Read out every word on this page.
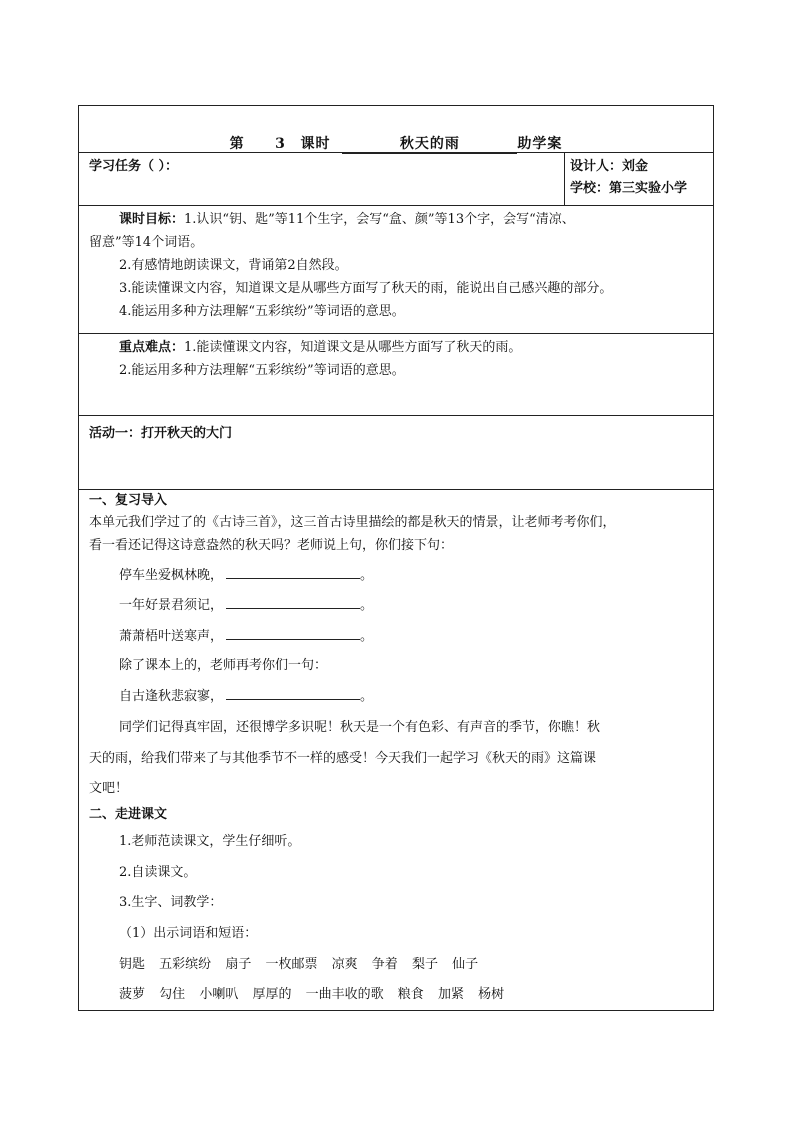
第 3 课时	秋天的雨	助学案
学习任务（ ）：	设计人：刘金
学校：第三实验小学
课时目标：1.认识“钥、匙”等11个生字，会写“盒、颜”等13个字，会写“清凉、
留意”等14个词语。
2.有感情地朗读课文，背诵第2自然段。
3.能读懂课文内容，知道课文是从哪些方面写了秋天的雨，能说出自己感兴趣的部分。
4.能运用多种方法理解“五彩缤纷”等词语的意思。
重点难点：1.能读懂课文内容，知道课文是从哪些方面写了秋天的雨。
2.能运用多种方法理解“五彩缤纷”等词语的意思。
活动一：打开秋天的大门
一、复习导入
本单元我们学过了的《古诗三首》，这三首古诗里描绘的都是秋天的情景，让老师考考你们，
看一看还记得这诗意盎然的秋天吗？老师说上句，你们接下句：
停车坐爱枫林晚，	。
一年好景君须记，	。
萧萧梧叶送寒声，	。
除了课本上的，老师再考你们一句：
自古逢秋悲寂寥，	。
同学们记得真牢固，还很博学多识呢！秋天是一个有色彩、有声音的季节，你瞧！秋
天的雨，给我们带来了与其他季节不一样的感受！今天我们一起学习《秋天的雨》这篇课
文吧！
二、走进课文
1.老师范读课文，学生仔细听。
2.自读课文。
3.生字、词教学：
（1）出示词语和短语：
钥匙 五彩缤纷 扇子 一枚邮票 凉爽 争着 梨子 仙子
菠萝 勾住 小喇叭 厚厚的 一曲丰收的歌 粮食 加紧 杨树
